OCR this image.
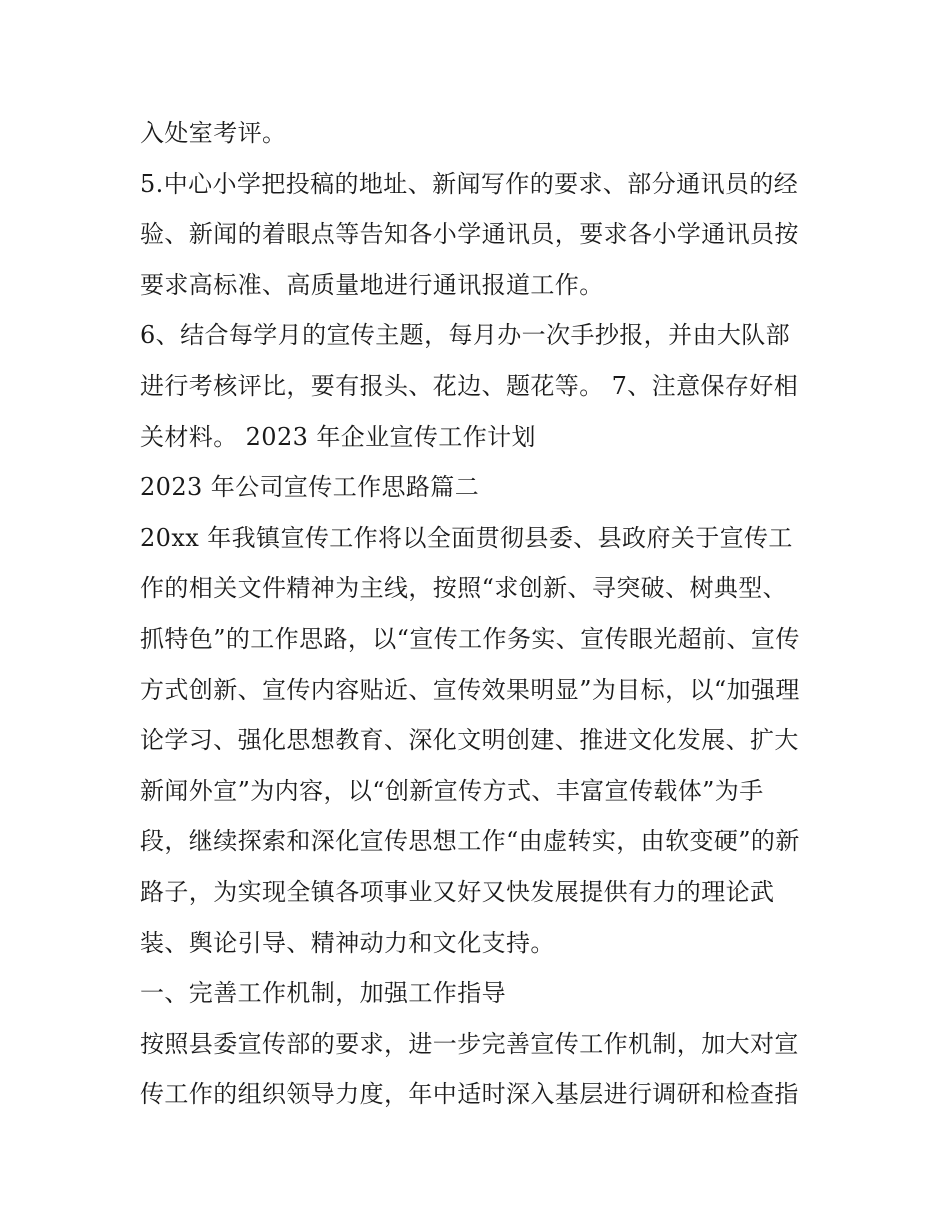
入处室考评。
5.中心小学把投稿的地址、新闻写作的要求、部分通讯员的经
验、新闻的着眼点等告知各小学通讯员，要求各小学通讯员按
要求高标准、高质量地进行通讯报道工作。
6、结合每学月的宣传主题，每月办一次手抄报，并由大队部
进行考核评比，要有报头、花边、题花等。 7、注意保存好相
关材料。 2023 年企业宣传工作计划
2023 年公司宣传工作思路篇二
20xx 年我镇宣传工作将以全面贯彻县委、县政府关于宣传工
作的相关文件精神为主线，按照“求创新、寻突破、树典型、
抓特色”的工作思路，以“宣传工作务实、宣传眼光超前、宣传
方式创新、宣传内容贴近、宣传效果明显”为目标，以“加强理
论学习、强化思想教育、深化文明创建、推进文化发展、扩大
新闻外宣”为内容，以“创新宣传方式、丰富宣传载体”为手
段，继续探索和深化宣传思想工作“由虚转实，由软变硬”的新
路子，为实现全镇各项事业又好又快发展提供有力的理论武
装、舆论引导、精神动力和文化支持。
一、完善工作机制，加强工作指导
按照县委宣传部的要求，进一步完善宣传工作机制，加大对宣
传工作的组织领导力度，年中适时深入基层进行调研和检查指
